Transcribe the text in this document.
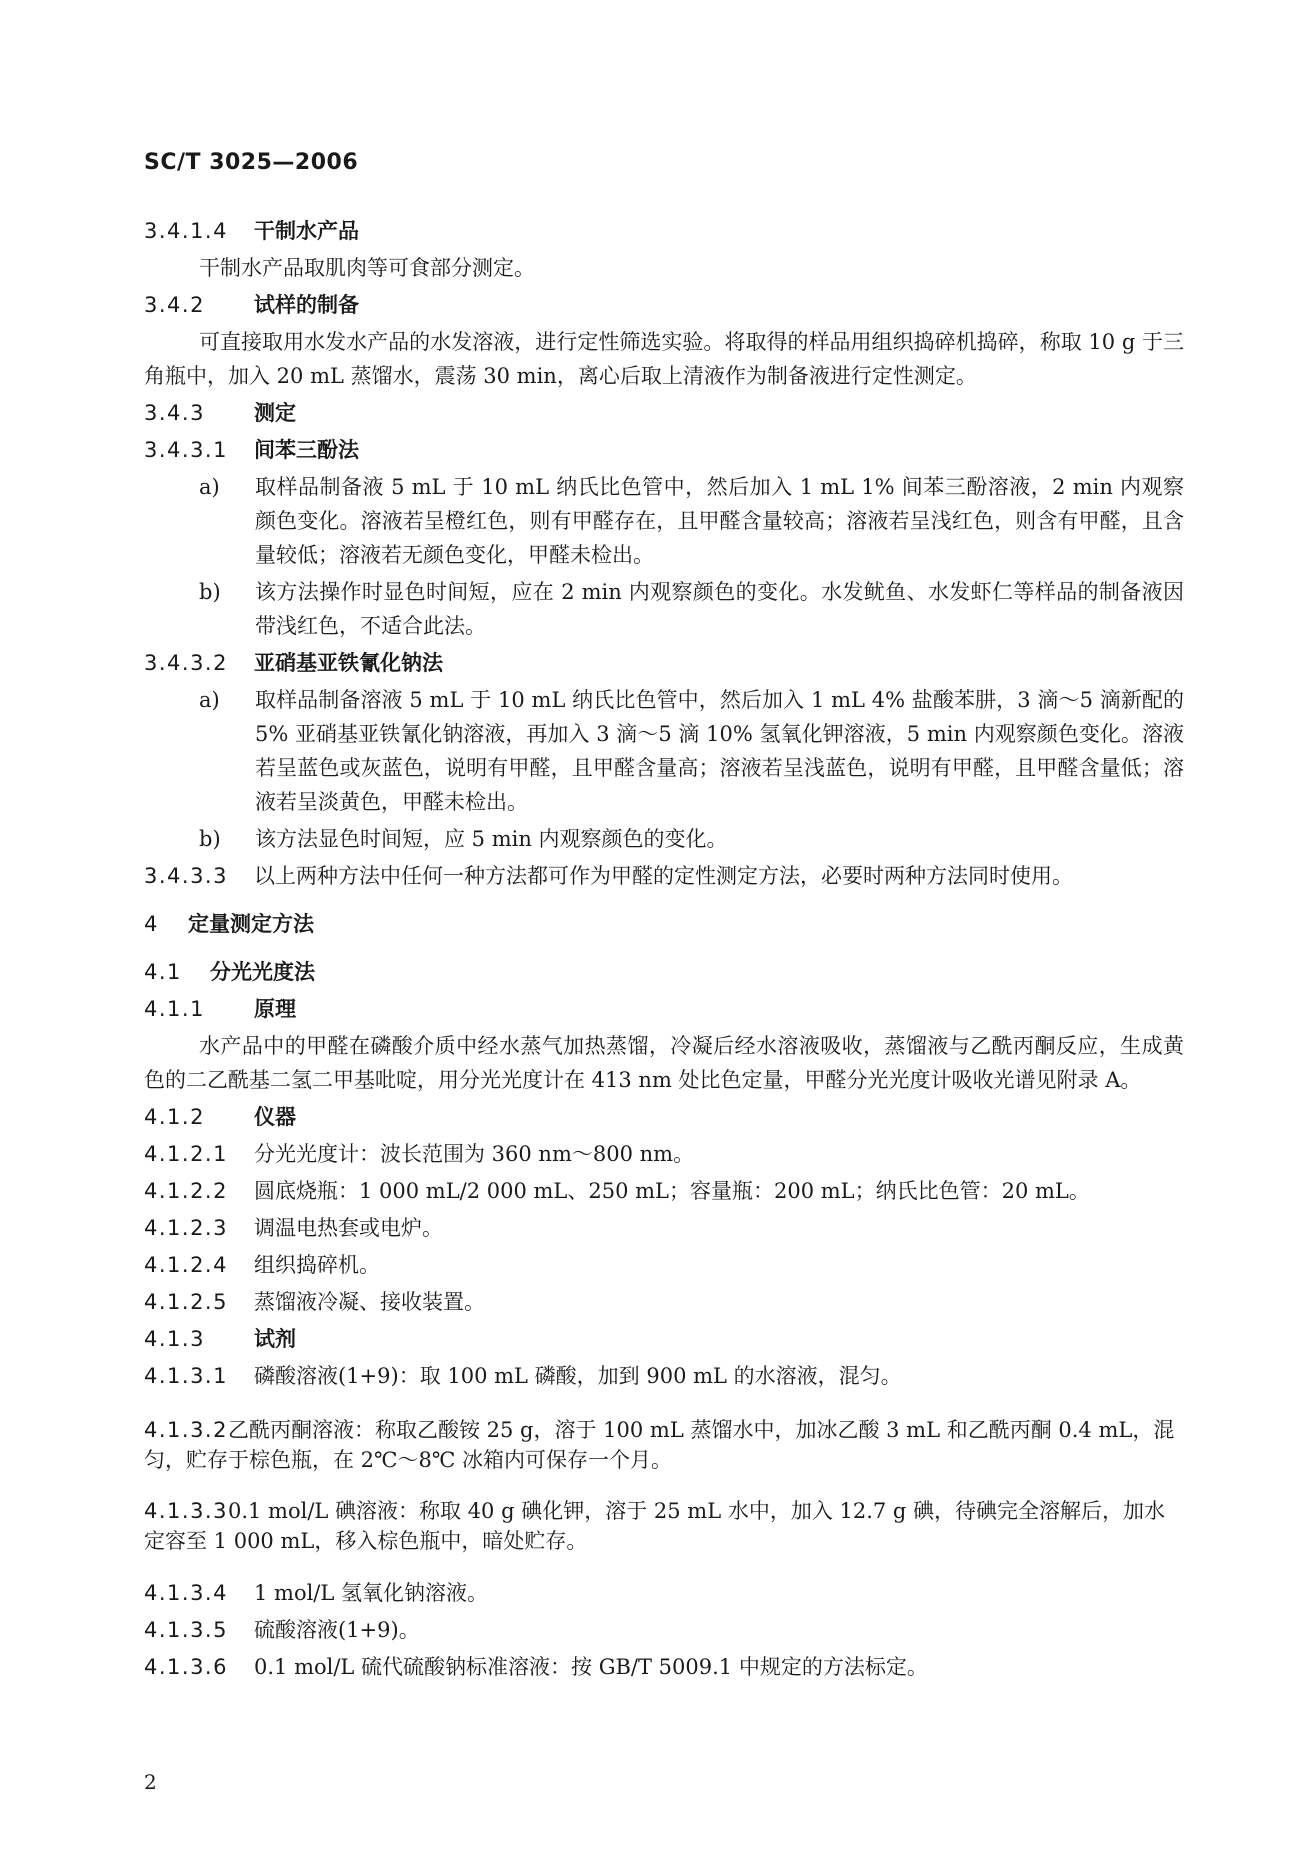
SC/T 3025—2006
3.4.1.4	干制水产品

干制水产品取肌肉等可食部分测定。

3.4.2	试样的制备

可直接取用水发水产品的水发溶液，进行定性筛选实验。将取得的样品用组织捣碎机捣碎，称取 10 g 于三角瓶中，加入 20 mL 蒸馏水，震荡 30 min，离心后取上清液作为制备液进行定性测定。

3.4.3	测定
3.4.3.1	间苯三酚法
a)	取样品制备液 5 mL 于 10 mL 纳氏比色管中，然后加入 1 mL 1% 间苯三酚溶液，2 min 内观察颜色变化。溶液若呈橙红色，则有甲醛存在，且甲醛含量较高；溶液若呈浅红色，则含有甲醛，且含量较低；溶液若无颜色变化，甲醛未检出。
b)	该方法操作时显色时间短，应在 2 min 内观察颜色的变化。水发鱿鱼、水发虾仁等样品的制备液因带浅红色，不适合此法。
3.4.3.2	亚硝基亚铁氰化钠法
a)	取样品制备溶液 5 mL 于 10 mL 纳氏比色管中，然后加入 1 mL 4% 盐酸苯肼，3 滴～5 滴新配的 5% 亚硝基亚铁氰化钠溶液，再加入 3 滴～5 滴 10% 氢氧化钾溶液，5 min 内观察颜色变化。溶液若呈蓝色或灰蓝色，说明有甲醛，且甲醛含量高；溶液若呈浅蓝色，说明有甲醛，且甲醛含量低；溶液若呈淡黄色，甲醛未检出。
b)	该方法显色时间短，应 5 min 内观察颜色的变化。
3.4.3.3	以上两种方法中任何一种方法都可作为甲醛的定性测定方法，必要时两种方法同时使用。
4	定量测定方法
4.1	分光光度法
4.1.1	原理

水产品中的甲醛在磷酸介质中经水蒸气加热蒸馏，冷凝后经水溶液吸收，蒸馏液与乙酰丙酮反应，生成黄色的二乙酰基二氢二甲基吡啶，用分光光度计在 413 nm 处比色定量，甲醛分光光度计吸收光谱见附录 A。

4.1.2	仪器
4.1.2.1	分光光度计：波长范围为 360 nm～800 nm。
4.1.2.2	圆底烧瓶：1 000 mL/2 000 mL、250 mL；容量瓶：200 mL；纳氏比色管：20 mL。
4.1.2.3	调温电热套或电炉。
4.1.2.4	组织捣碎机。
4.1.2.5	蒸馏液冷凝、接收装置。
4.1.3	试剂
4.1.3.1	磷酸溶液(1+9)：取 100 mL 磷酸，加到 900 mL 的水溶液，混匀。

4.1.3.2乙酰丙酮溶液：称取乙酸铵 25 g，溶于 100 mL 蒸馏水中，加冰乙酸 3 mL 和乙酰丙酮 0.4 mL，混匀，贮存于棕色瓶，在 2℃～8℃ 冰箱内可保存一个月。

4.1.3.30.1 mol/L 碘溶液：称取 40 g 碘化钾，溶于 25 mL 水中，加入 12.7 g 碘，待碘完全溶解后，加水定容至 1 000 mL，移入棕色瓶中，暗处贮存。

4.1.3.4	1 mol/L 氢氧化钠溶液。
4.1.3.5	硫酸溶液(1+9)。
4.1.3.6	0.1 mol/L 硫代硫酸钠标准溶液：按 GB/T 5009.1 中规定的方法标定。
2
